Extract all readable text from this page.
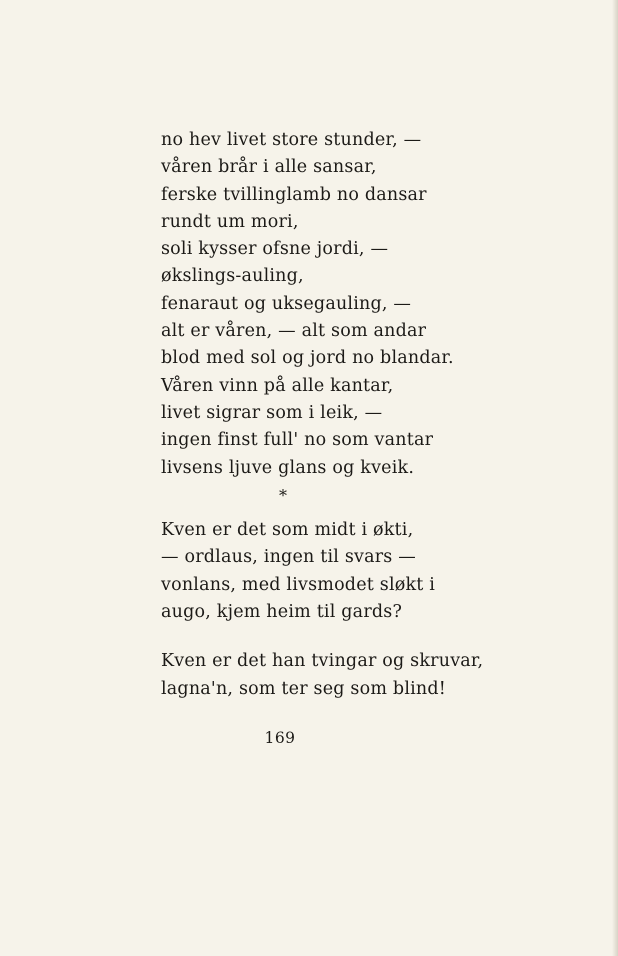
no hev livet store stunder, —
våren brår i alle sansar,
ferske tvillinglamb no dansar
rundt um mori,
soli kysser ofsne jordi, —
økslings-auling,
fenaraut og uksegauling, —
alt er våren, — alt som andar
blod med sol og jord no blandar.
Våren vinn på alle kantar,
livet sigrar som i leik, —
ingen finst full' no som vantar
livsens ljuve glans og kveik.
*
Kven er det som midt i økti,
— ordlaus, ingen til svars —
vonlans, med livsmodet sløkt i
augo, kjem heim til gards?
Kven er det han tvingar og skruvar,
lagna'n, som ter seg som blind!
169
